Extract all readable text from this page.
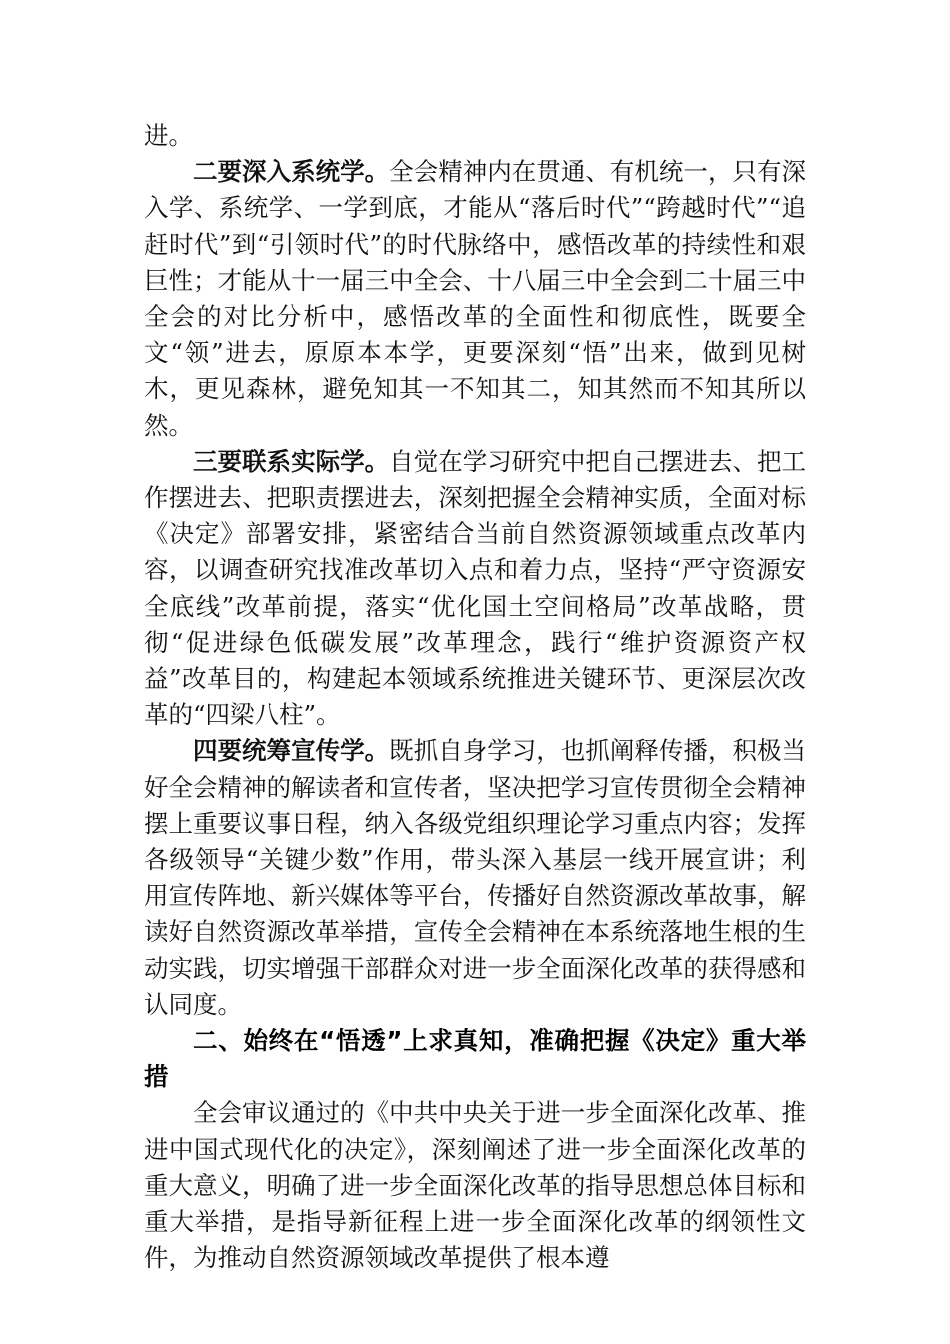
进。

二要深入系统学。全会精神内在贯通、有机统一，只有深入学、系统学、一学到底，才能从“落后时代”“跨越时代”“追赶时代”到“引领时代”的时代脉络中，感悟改革的持续性和艰巨性；才能从十一届三中全会、十八届三中全会到二十届三中全会的对比分析中，感悟改革的全面性和彻底性，既要全文“领”进去，原原本本学，更要深刻“悟”出来，做到见树木，更见森林，避免知其一不知其二，知其然而不知其所以然。

三要联系实际学。自觉在学习研究中把自己摆进去、把工作摆进去、把职责摆进去，深刻把握全会精神实质，全面对标《决定》部署安排，紧密结合当前自然资源领域重点改革内容，以调查研究找准改革切入点和着力点，坚持“严守资源安全底线”改革前提，落实“优化国土空间格局”改革战略，贯彻“促进绿色低碳发展”改革理念，践行“维护资源资产权益”改革目的，构建起本领域系统推进关键环节、更深层次改革的“四梁八柱”。

四要统筹宣传学。既抓自身学习，也抓阐释传播，积极当好全会精神的解读者和宣传者，坚决把学习宣传贯彻全会精神摆上重要议事日程，纳入各级党组织理论学习重点内容；发挥各级领导“关键少数”作用，带头深入基层一线开展宣讲；利用宣传阵地、新兴媒体等平台，传播好自然资源改革故事，解读好自然资源改革举措，宣传全会精神在本系统落地生根的生动实践，切实增强干部群众对进一步全面深化改革的获得感和认同度。

二、始终在“悟透”上求真知，准确把握《决定》重大举措

全会审议通过的《中共中央关于进一步全面深化改革、推进中国式现代化的决定》，深刻阐述了进一步全面深化改革的重大意义，明确了进一步全面深化改革的指导思想总体目标和重大举措，是指导新征程上进一步全面深化改革的纲领性文件，为推动自然资源领域改革提供了根本遵
